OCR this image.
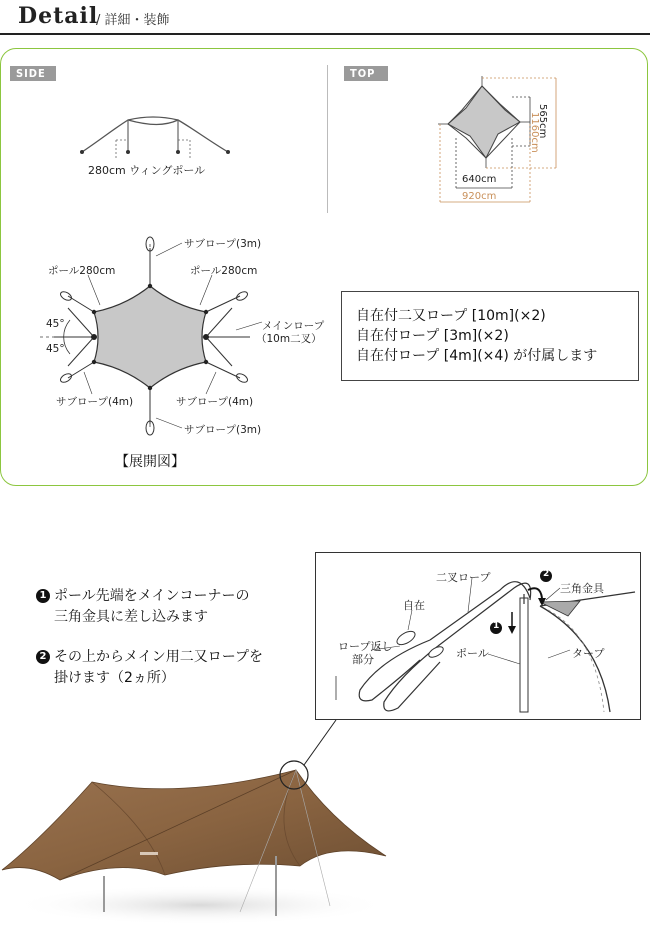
Detail
/ 詳細・装飾
SIDE	TOP
280cm ウィングポール
1160cm
565cm
640cm
920cm
サブロープ(3m)
ポール280cm	ポール280cm
メインロープ
（10m二叉）
45°
45°
サブロープ(4m)	サブロープ(4m)
サブロープ(3m)
【展開図】
自在付二又ロープ [10m](×2)
自在付ロープ [3m](×2)
自在付ロープ [4m](×4) が付属します
1 ポール先端をメインコーナーの
三角金具に差し込みます
2 その上からメイン用二又ロープを
掛けます（2ヵ所）
二叉ロープ	2
三角金具
自在
ロープ返し
部分
1
ポール	タープ
